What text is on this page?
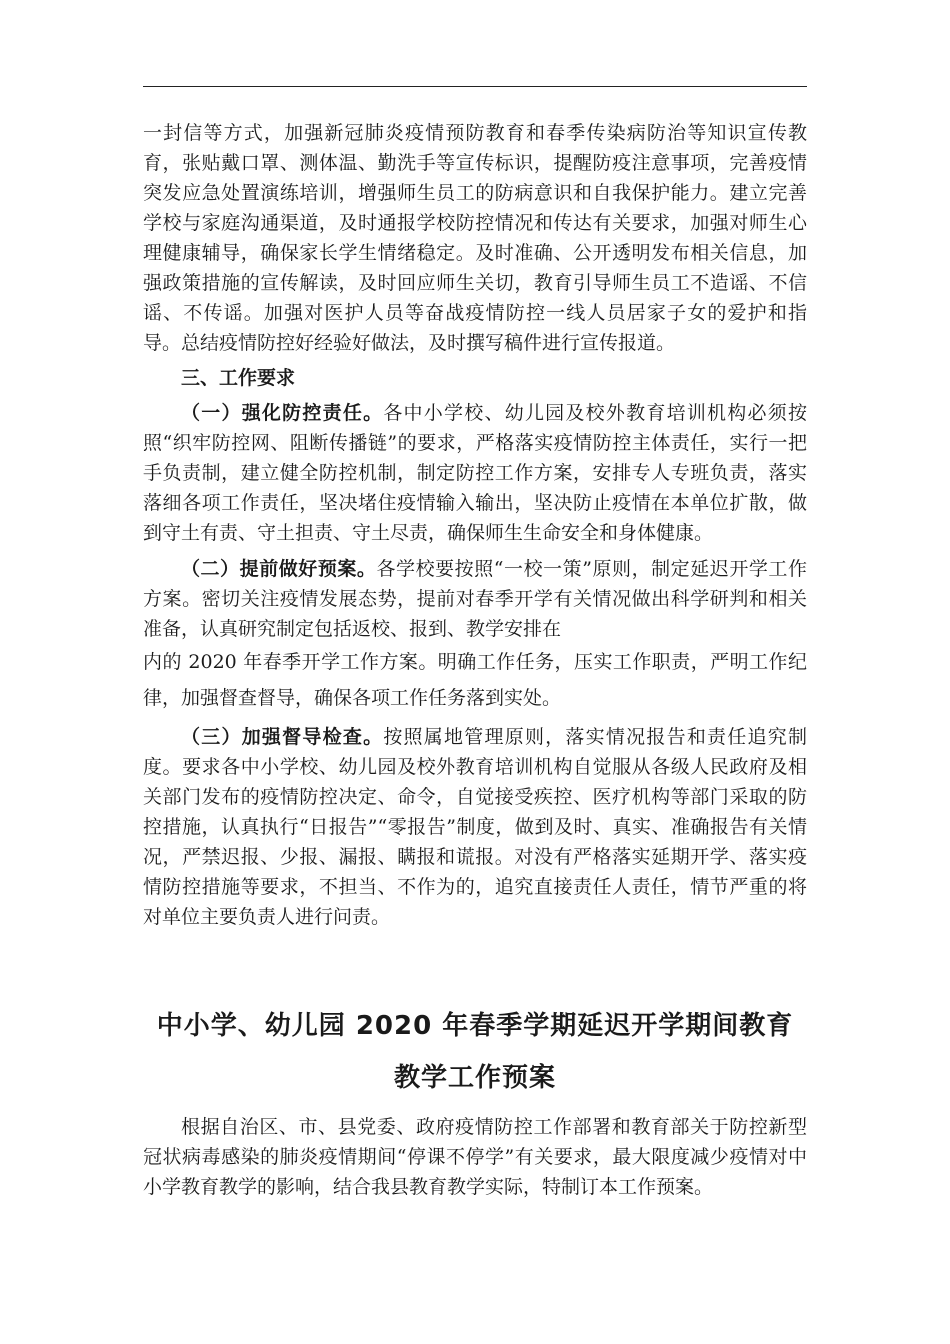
一封信等方式，加强新冠肺炎疫情预防教育和春季传染病防治等知识宣传教育，张贴戴口罩、测体温、勤洗手等宣传标识，提醒防疫注意事项，完善疫情突发应急处置演练培训，增强师生员工的防病意识和自我保护能力。建立完善学校与家庭沟通渠道，及时通报学校防控情况和传达有关要求，加强对师生心理健康辅导，确保家长学生情绪稳定。及时准确、公开透明发布相关信息，加强政策措施的宣传解读，及时回应师生关切，教育引导师生员工不造谣、不信谣、不传谣。加强对医护人员等奋战疫情防控一线人员居家子女的爱护和指导。总结疫情防控好经验好做法，及时撰写稿件进行宣传报道。

三、工作要求

（一）强化防控责任。各中小学校、幼儿园及校外教育培训机构必须按照“织牢防控网、阻断传播链”的要求，严格落实疫情防控主体责任，实行一把手负责制，建立健全防控机制，制定防控工作方案，安排专人专班负责，落实落细各项工作责任，坚决堵住疫情输入输出，坚决防止疫情在本单位扩散，做到守土有责、守土担责、守土尽责，确保师生生命安全和身体健康。

（二）提前做好预案。各学校要按照“一校一策”原则，制定延迟开学工作方案。密切关注疫情发展态势，提前对春季开学有关情况做出科学研判和相关准备，认真研究制定包括返校、报到、教学安排在

内的 2020 年春季开学工作方案。明确工作任务，压实工作职责，严明工作纪律，加强督查督导，确保各项工作任务落到实处。

（三）加强督导检查。按照属地管理原则，落实情况报告和责任追究制度。要求各中小学校、幼儿园及校外教育培训机构自觉服从各级人民政府及相关部门发布的疫情防控决定、命令，自觉接受疾控、医疗机构等部门采取的防控措施，认真执行“日报告”“零报告”制度，做到及时、真实、准确报告有关情况，严禁迟报、少报、漏报、瞒报和谎报。对没有严格落实延期开学、落实疫情防控措施等要求，不担当、不作为的，追究直接责任人责任，情节严重的将对单位主要负责人进行问责。

中小学、幼儿园 2020 年春季学期延迟开学期间教育
教学工作预案

根据自治区、市、县党委、政府疫情防控工作部署和教育部关于防控新型冠状病毒感染的肺炎疫情期间“停课不停学”有关要求，最大限度减少疫情对中小学教育教学的影响，结合我县教育教学实际，特制订本工作预案。
